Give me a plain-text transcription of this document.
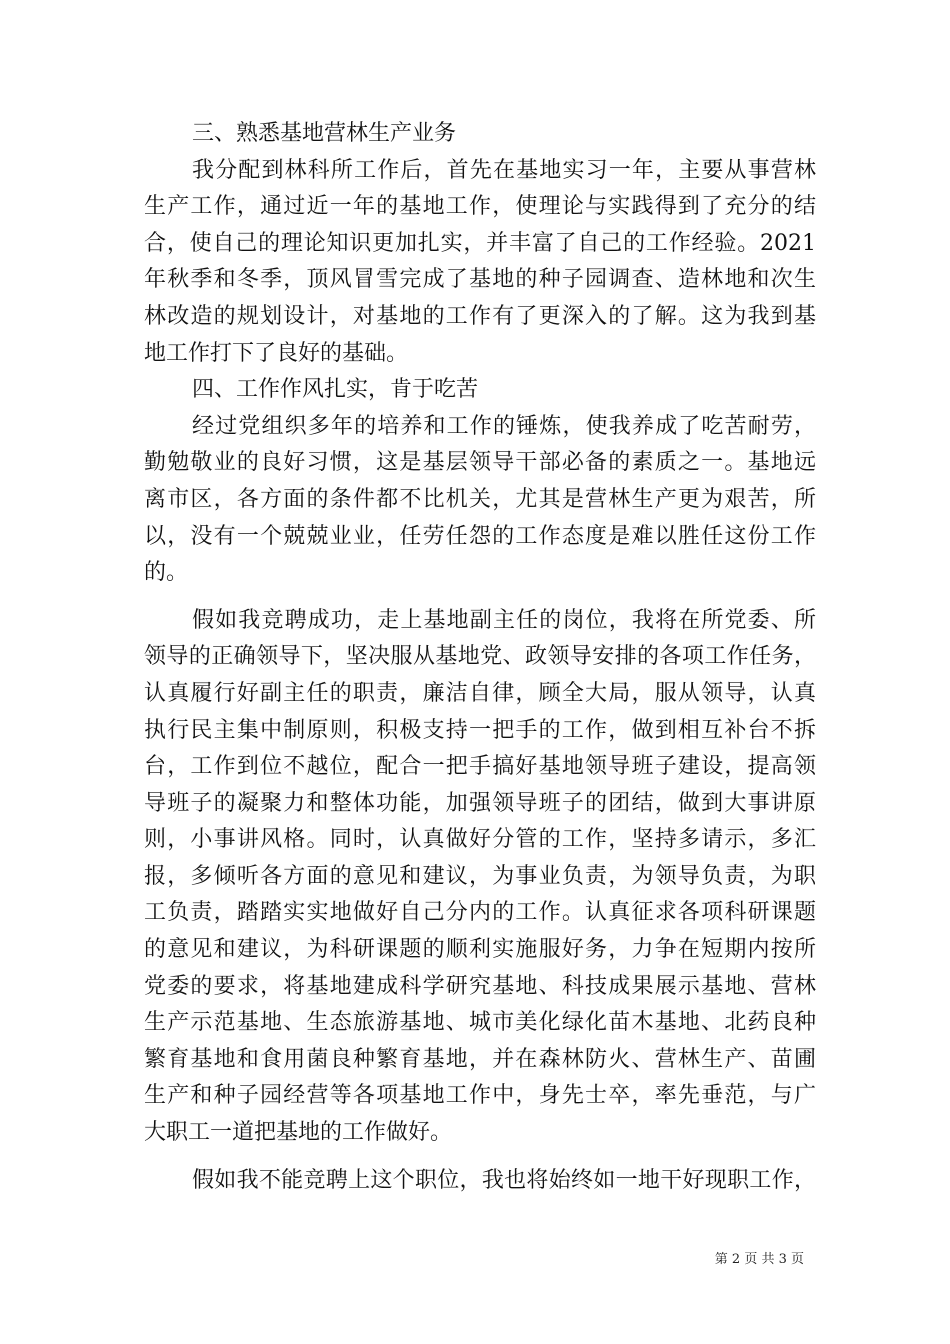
三、熟悉基地营林生产业务
我分配到林科所工作后，首先在基地实习一年，主要从事营林
生产工作，通过近一年的基地工作，使理论与实践得到了充分的结
合，使自己的理论知识更加扎实，并丰富了自己的工作经验。2021
年秋季和冬季，顶风冒雪完成了基地的种子园调查、造林地和次生
林改造的规划设计，对基地的工作有了更深入的了解。这为我到基
地工作打下了良好的基础。
四、工作作风扎实，肯于吃苦
经过党组织多年的培养和工作的锤炼，使我养成了吃苦耐劳，
勤勉敬业的良好习惯，这是基层领导干部必备的素质之一。基地远
离市区，各方面的条件都不比机关，尤其是营林生产更为艰苦，所
以，没有一个兢兢业业，任劳任怨的工作态度是难以胜任这份工作
的。
假如我竞聘成功，走上基地副主任的岗位，我将在所党委、所
领导的正确领导下，坚决服从基地党、政领导安排的各项工作任务，
认真履行好副主任的职责，廉洁自律，顾全大局，服从领导，认真
执行民主集中制原则，积极支持一把手的工作，做到相互补台不拆
台，工作到位不越位，配合一把手搞好基地领导班子建设，提高领
导班子的凝聚力和整体功能，加强领导班子的团结，做到大事讲原
则，小事讲风格。同时，认真做好分管的工作，坚持多请示，多汇
报，多倾听各方面的意见和建议，为事业负责，为领导负责，为职
工负责，踏踏实实地做好自己分内的工作。认真征求各项科研课题
的意见和建议，为科研课题的顺利实施服好务，力争在短期内按所
党委的要求，将基地建成科学研究基地、科技成果展示基地、营林
生产示范基地、生态旅游基地、城市美化绿化苗木基地、北药良种
繁育基地和食用菌良种繁育基地，并在森林防火、营林生产、苗圃
生产和种子园经营等各项基地工作中，身先士卒，率先垂范，与广
大职工一道把基地的工作做好。
假如我不能竞聘上这个职位，我也将始终如一地干好现职工作，
第 2 页 共 3 页
